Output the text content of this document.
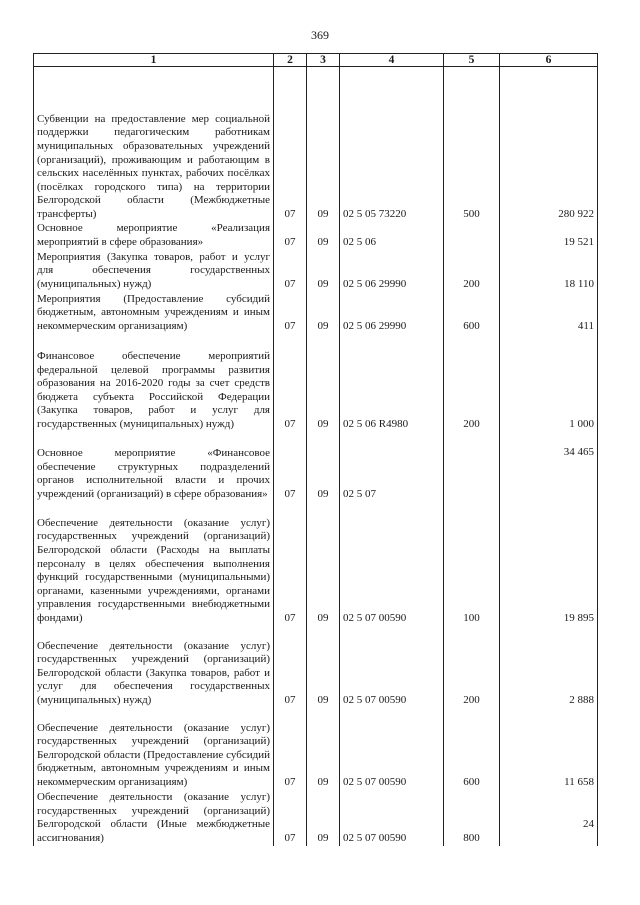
369
1	2	3	4	5	6
Субвенции на предоставление мер социальной поддержки педагогическим работникам муниципальных образовательных учреждений (организаций), проживающим и работающим в сельских населённых пунктах, рабочих посёлках (посёлках городского типа) на территории Белгородской области (Межбюджетные трансферты)	07	09	02 5 05 73220	500	280 922
Основное мероприятие «Реализация мероприятий в сфере образования»	07	09	02 5 06		19 521
Мероприятия (Закупка товаров, работ и услуг для обеспечения государственных (муниципальных) нужд)	07	09	02 5 06 29990	200	18 110
Мероприятия (Предоставление субсидий бюджетным, автономным учреждениям и иным некоммерческим организациям)	07	09	02 5 06 29990	600	411
Финансовое обеспечение мероприятий федеральной целевой программы развития образования на 2016-2020 годы за счет средств бюджета субъекта Российской Федерации (Закупка товаров, работ и услуг для государственных (муниципальных) нужд)	07	09	02 5 06 R4980	200	1 000
Основное мероприятие «Финансовое обеспечение структурных подразделений органов исполнительной власти и прочих учреждений (организаций) в сфере образования»	07	09	02 5 07		34 465
Обеспечение деятельности (оказание услуг) государственных учреждений (организаций) Белгородской области (Расходы на выплаты персоналу в целях обеспечения выполнения функций государственными (муниципальными) органами, казенными учреждениями, органами управления государственными внебюджетными фондами)	07	09	02 5 07 00590	100	19 895
Обеспечение деятельности (оказание услуг) государственных учреждений (организаций) Белгородской области (Закупка товаров, работ и услуг для обеспечения государственных (муниципальных) нужд)	07	09	02 5 07 00590	200	2 888
Обеспечение деятельности (оказание услуг) государственных учреждений (организаций) Белгородской области (Предоставление субсидий бюджетным, автономным учреждениям и иным некоммерческим организациям)	07	09	02 5 07 00590	600	11 658
Обеспечение деятельности (оказание услуг) государственных учреждений (организаций) Белгородской области (Иные межбюджетные ассигнования)	07	09	02 5 07 00590	800	24
